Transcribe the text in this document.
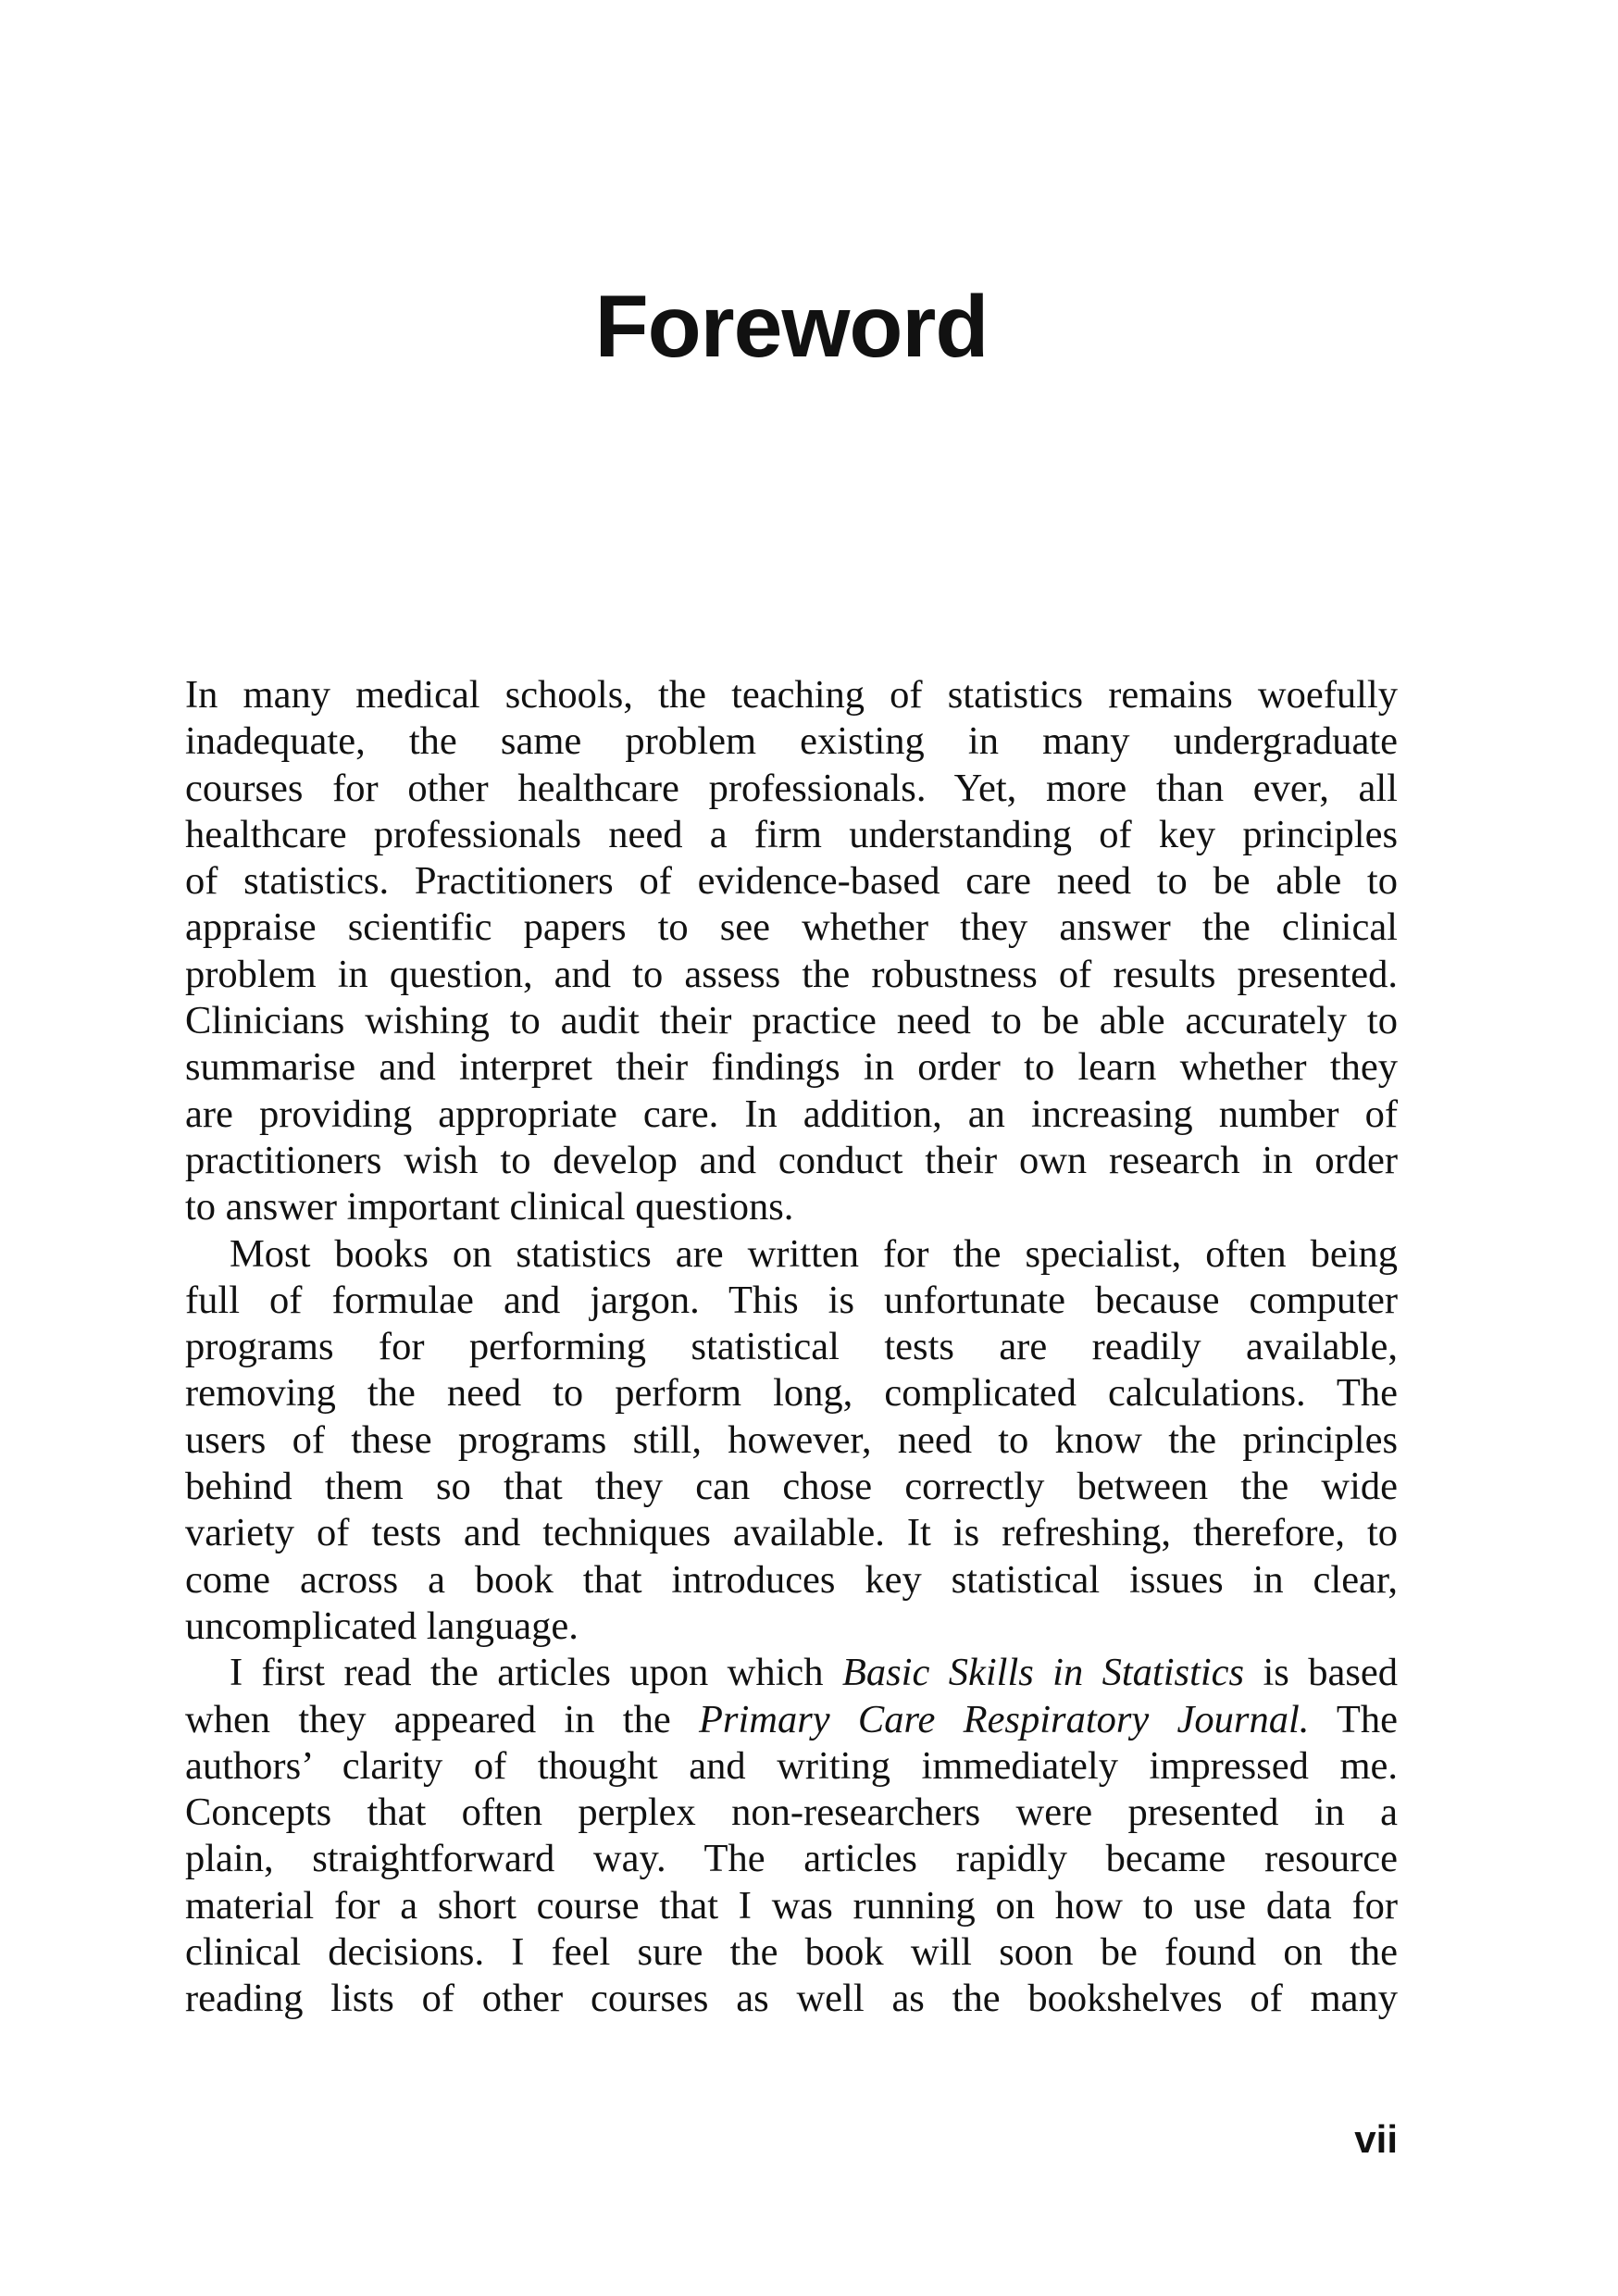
Foreword
In many medical schools, the teaching of statistics remains woefully
inadequate, the same problem existing in many undergraduate
courses for other healthcare professionals. Yet, more than ever, all
healthcare professionals need a firm understanding of key principles
of statistics. Practitioners of evidence-based care need to be able to
appraise scientific papers to see whether they answer the clinical
problem in question, and to assess the robustness of results presented.
Clinicians wishing to audit their practice need to be able accurately to
summarise and interpret their findings in order to learn whether they
are providing appropriate care. In addition, an increasing number of
practitioners wish to develop and conduct their own research in order
to answer important clinical questions.
Most books on statistics are written for the specialist, often being
full of formulae and jargon. This is unfortunate because computer
programs for performing statistical tests are readily available,
removing the need to perform long, complicated calculations. The
users of these programs still, however, need to know the principles
behind them so that they can chose correctly between the wide
variety of tests and techniques available. It is refreshing, therefore, to
come across a book that introduces key statistical issues in clear,
uncomplicated language.
I first read the articles upon which Basic Skills in Statistics is based
when they appeared in the Primary Care Respiratory Journal. The
authors’ clarity of thought and writing immediately impressed me.
Concepts that often perplex non-researchers were presented in a
plain, straightforward way. The articles rapidly became resource
material for a short course that I was running on how to use data for
clinical decisions. I feel sure the book will soon be found on the
reading lists of other courses as well as the bookshelves of many
vii
